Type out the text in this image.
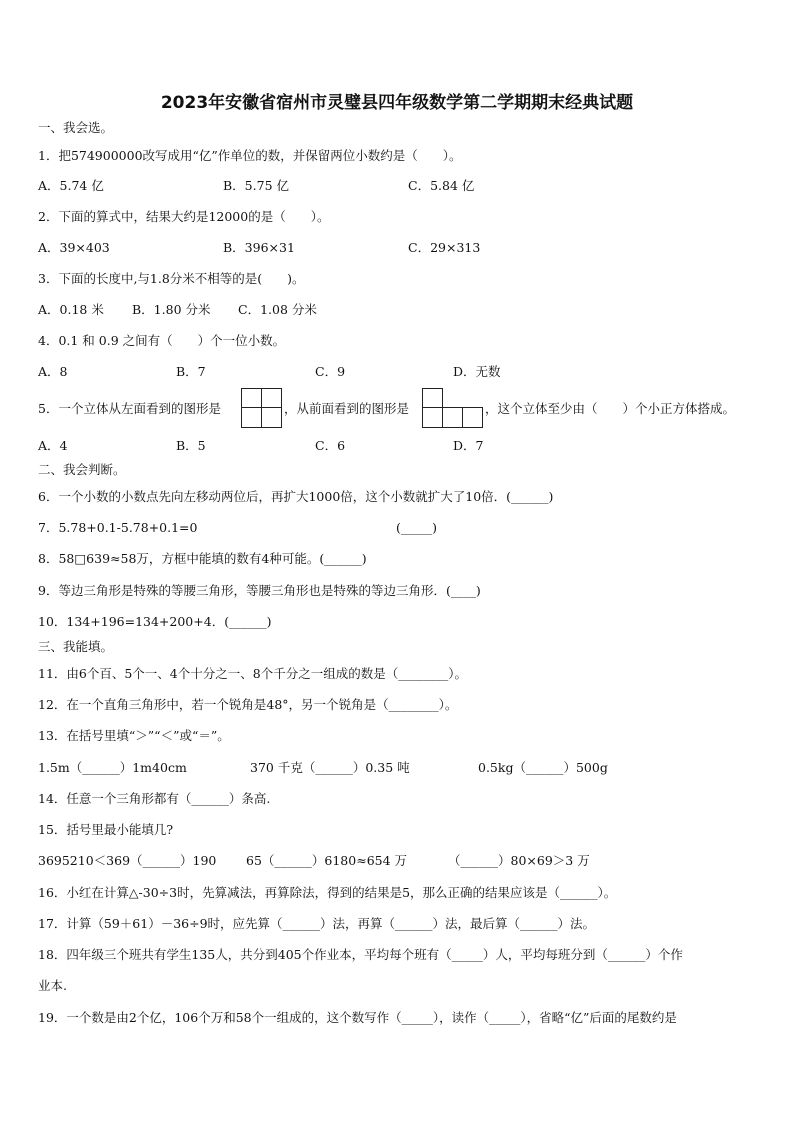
2023年安徽省宿州市灵璧县四年级数学第二学期期末经典试题
一、我会选。
1．把574900000改写成用“亿”作单位的数，并保留两位小数约是（　　）。
A．5.74 亿	B．5.75 亿	C．5.84 亿
2．下面的算式中，结果大约是12000的是（　　）。
A．39×403	B．396×31	C．29×313
3．下面的长度中,与1.8分米不相等的是(　　)。
A．0.18 米 B．1.80 分米 C．1.08 分米
4．0.1 和 0.9 之间有（　　）个一位小数。
A．8	B．7	C．9	D．无数
5．一个立体从左面看到的图形是	，从前面看到的图形是	，这个立体至少由（　　）个小正方体搭成。
A．4	B．5	C．6	D．7
二、我会判断。
6．一个小数的小数点先向左移动两位后，再扩大1000倍，这个小数就扩大了10倍．(______)
7．5.78+0.1-5.78+0.1=0	(_____)
8．58□639≈58万，方框中能填的数有4种可能。(______)
9．等边三角形是特殊的等腰三角形，等腰三角形也是特殊的等边三角形．(____)
10．134+196=134+200+4．(______)
三、我能填。
11．由6个百、5个一、4个十分之一、8个千分之一组成的数是（________）。
12．在一个直角三角形中，若一个锐角是48°，另一个锐角是（________）。
13．在括号里填“＞”“＜”或“＝”。
1.5m（______）1m40cm	370 千克（______）0.35 吨	0.5kg（______）500g
14．任意一个三角形都有（______）条高.
15．括号里最小能填几?
3695210＜369（______）190 65（______）6180≈654 万	（______）80×69＞3 万
16．小红在计算△-30÷3时，先算减法，再算除法，得到的结果是5，那么正确的结果应该是（______）。
17．计算（59＋61）－36÷9时，应先算（______）法，再算（______）法，最后算（______）法。
18．四年级三个班共有学生135人，共分到405个作业本，平均每个班有（_____）人，平均每班分到（______）个作
业本.
19．一个数是由2个亿，106个万和58个一组成的，这个数写作（_____），读作（_____），省略“亿”后面的尾数约是
